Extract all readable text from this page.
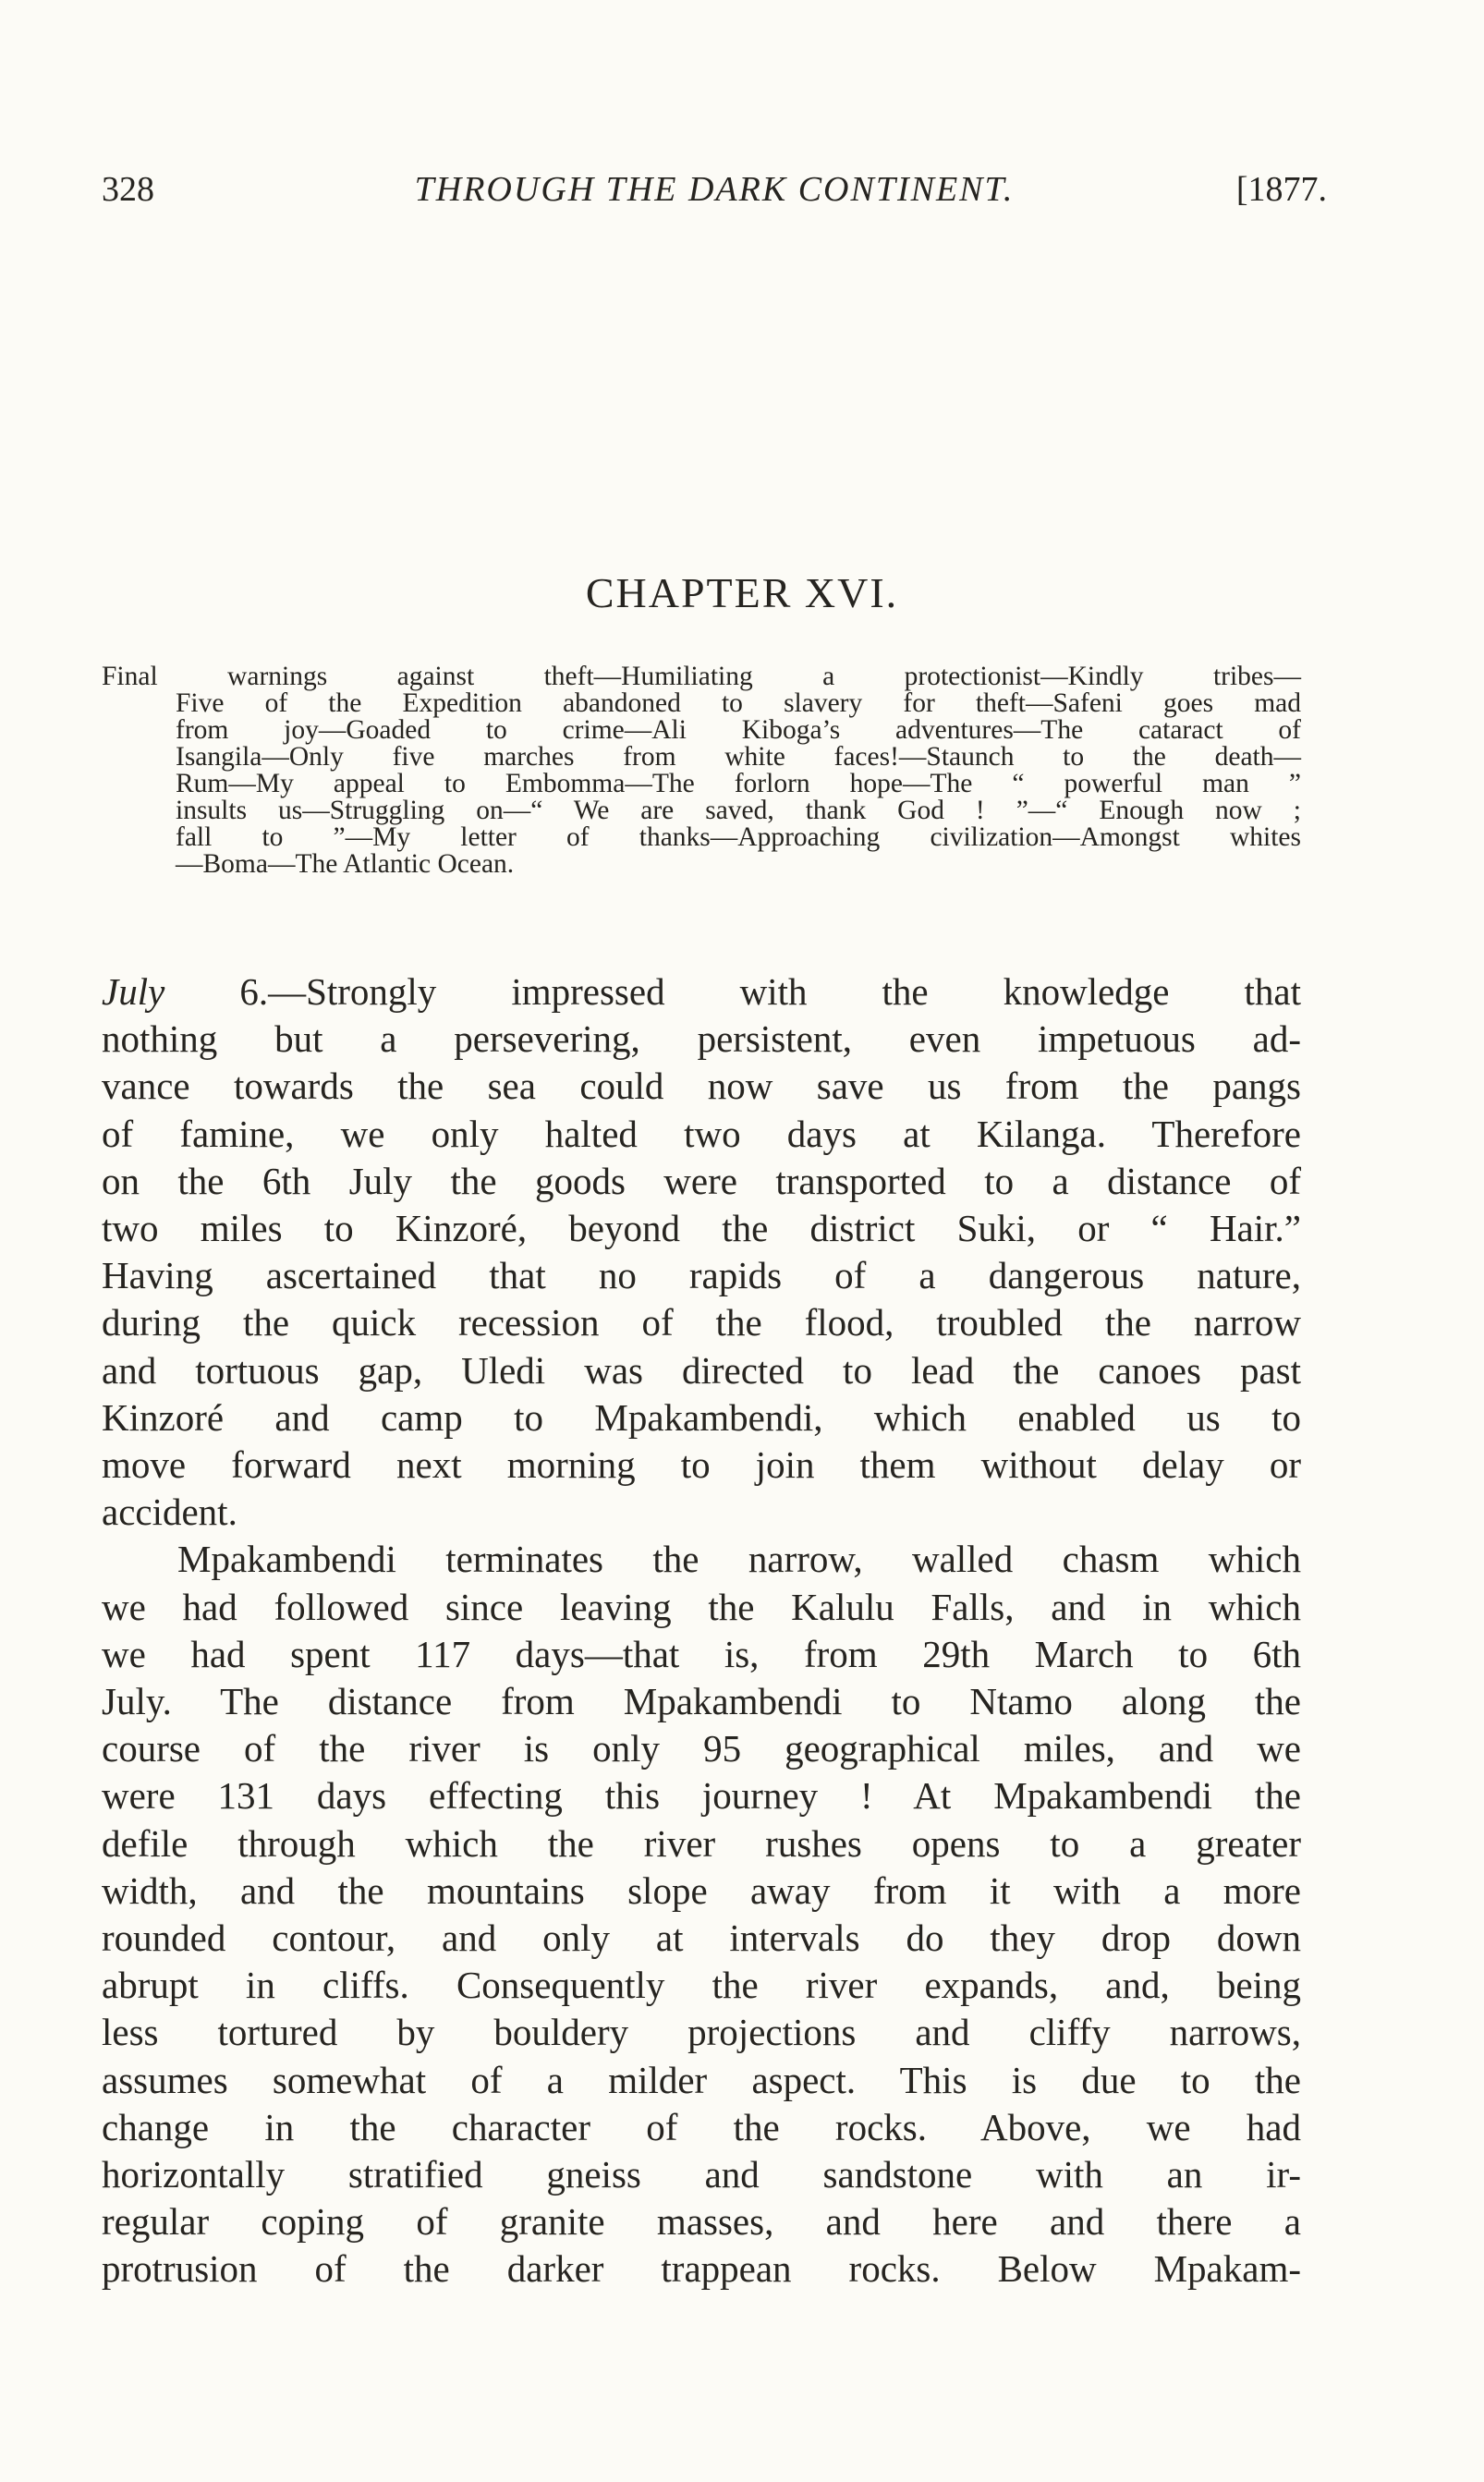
328	THROUGH THE DARK CONTINENT.	[1877.
CHAPTER XVI.
Final warnings against theft—Humiliating a protectionist—Kindly tribes—
Five of the Expedition abandoned to slavery for theft—Safeni goes mad
from joy—Goaded to crime—Ali Kiboga’s adventures—The cataract of
Isangila—Only five marches from white faces!—Staunch to the death—
Rum—My appeal to Embomma—The forlorn hope—The “ powerful man ”
insults us—Struggling on—“ We are saved, thank God ! ”—“ Enough now ;
fall to ”—My letter of thanks—Approaching civilization—Amongst whites
—Boma—The Atlantic Ocean.
July 6.—Strongly impressed with the knowledge that
nothing but a persevering, persistent, even impetuous ad-
vance towards the sea could now save us from the pangs
of famine, we only halted two days at Kilanga. Therefore
on the 6th July the goods were transported to a distance of
two miles to Kinzoré, beyond the district Suki, or “ Hair.”
Having ascertained that no rapids of a dangerous nature,
during the quick recession of the flood, troubled the narrow
and tortuous gap, Uledi was directed to lead the canoes past
Kinzoré and camp to Mpakambendi, which enabled us to
move forward next morning to join them without delay or
accident.
Mpakambendi terminates the narrow, walled chasm which
we had followed since leaving the Kalulu Falls, and in which
we had spent 117 days—that is, from 29th March to 6th
July. The distance from Mpakambendi to Ntamo along the
course of the river is only 95 geographical miles, and we
were 131 days effecting this journey ! At Mpakambendi the
defile through which the river rushes opens to a greater
width, and the mountains slope away from it with a more
rounded contour, and only at intervals do they drop down
abrupt in cliffs. Consequently the river expands, and, being
less tortured by bouldery projections and cliffy narrows,
assumes somewhat of a milder aspect. This is due to the
change in the character of the rocks. Above, we had
horizontally stratified gneiss and sandstone with an ir-
regular coping of granite masses, and here and there a
protrusion of the darker trappean rocks. Below Mpakam-
